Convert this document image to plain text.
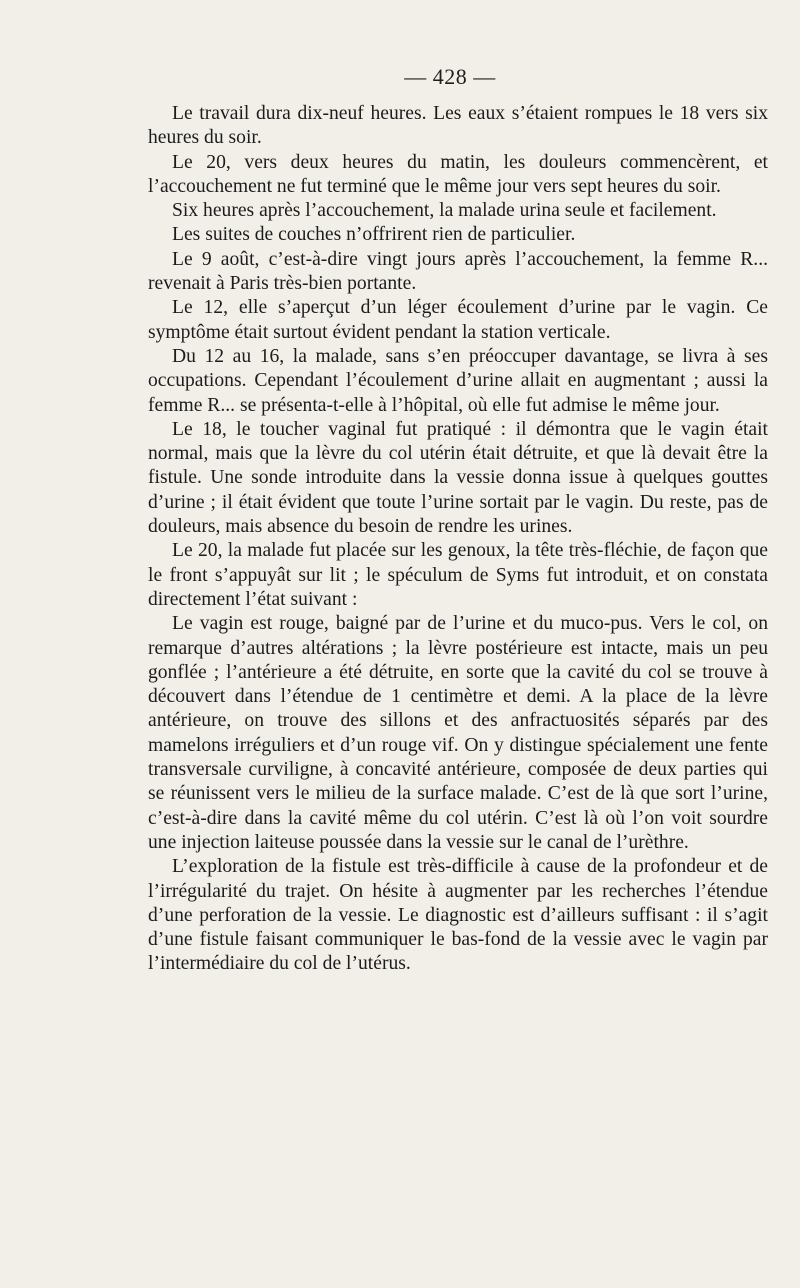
— 428 —

Le travail dura dix-neuf heures. Les eaux s’étaient rompues le 18 vers six heures du soir.

Le 20, vers deux heures du matin, les douleurs commencèrent, et l’accouchement ne fut terminé que le même jour vers sept heures du soir.

Six heures après l’accouchement, la malade urina seule et facilement.

Les suites de couches n’offrirent rien de particulier.

Le 9 août, c’est-à-dire vingt jours après l’accouchement, la femme R... revenait à Paris très-bien portante.

Le 12, elle s’aperçut d’un léger écoulement d’urine par le vagin. Ce symptôme était surtout évident pendant la station verticale.

Du 12 au 16, la malade, sans s’en préoccuper davantage, se livra à ses occupations. Cependant l’écoulement d’urine allait en augmentant ; aussi la femme R... se présenta-t-elle à l’hôpital, où elle fut admise le même jour.

Le 18, le toucher vaginal fut pratiqué : il démontra que le vagin était normal, mais que la lèvre du col utérin était détruite, et que là devait être la fistule. Une sonde introduite dans la vessie donna issue à quelques gouttes d’urine ; il était évident que toute l’urine sortait par le vagin. Du reste, pas de douleurs, mais absence du besoin de rendre les urines.

Le 20, la malade fut placée sur les genoux, la tête très-fléchie, de façon que le front s’appuyât sur lit ; le spéculum de Syms fut introduit, et on constata directement l’état suivant :

Le vagin est rouge, baigné par de l’urine et du muco-pus. Vers le col, on remarque d’autres altérations ; la lèvre postérieure est intacte, mais un peu gonflée ; l’antérieure a été détruite, en sorte que la cavité du col se trouve à découvert dans l’étendue de 1 centimètre et demi. A la place de la lèvre antérieure, on trouve des sillons et des anfractuosités séparés par des mamelons irréguliers et d’un rouge vif. On y distingue spécialement une fente transversale curviligne, à concavité antérieure, composée de deux parties qui se réunissent vers le milieu de la surface malade. C’est de là que sort l’urine, c’est-à-dire dans la cavité même du col utérin. C’est là où l’on voit sourdre une injection laiteuse poussée dans la vessie sur le canal de l’urèthre.

L’exploration de la fistule est très-difficile à cause de la profondeur et de l’irrégularité du trajet. On hésite à augmenter par les recherches l’étendue d’une perforation de la vessie. Le diagnostic est d’ailleurs suffisant : il s’agit d’une fistule faisant communiquer le bas-fond de la vessie avec le vagin par l’intermédiaire du col de l’utérus.
